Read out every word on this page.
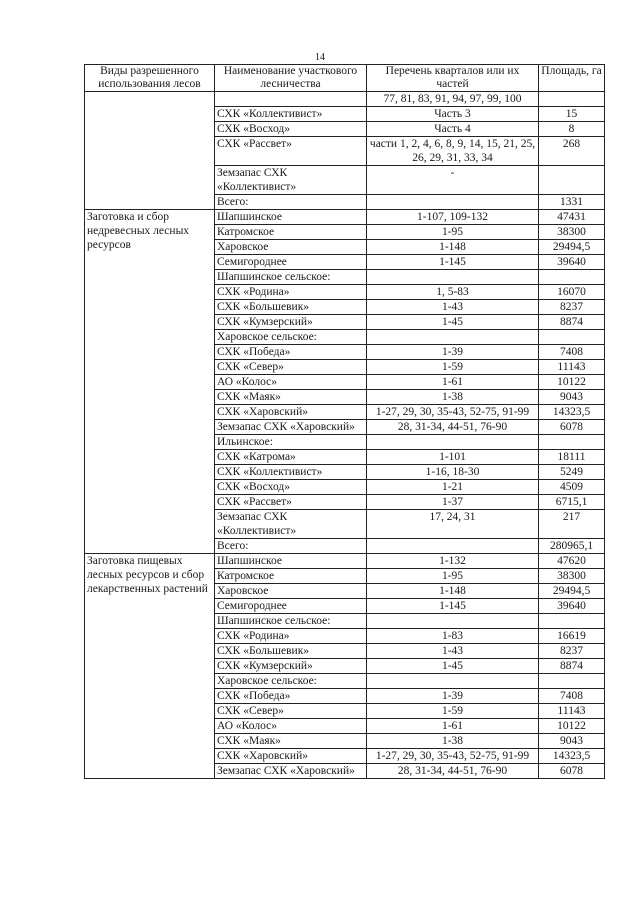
14
Виды разрешенного использования лесов	Наименование участкового лесничества	Перечень кварталов или их частей	Площадь, га
		77, 81, 83, 91, 94, 97, 99, 100	
	СХК «Коллективист»	Часть 3	15
	СХК «Восход»	Часть 4	8
	СХК «Рассвет»	части 1, 2, 4, 6, 8, 9, 14, 15, 21, 25, 26, 29, 31, 33, 34	268
	Земзапас СХК «Коллективист»	-	
	Всего:		1331
Заготовка и сбор недревесных лесных ресурсов	Шапшинское	1-107, 109-132	47431
	Катромское	1-95	38300
	Харовское	1-148	29494,5
	Семигороднее	1-145	39640
	Шапшинское сельское:		
	СХК «Родина»	1, 5-83	16070
	СХК «Большевик»	1-43	8237
	СХК «Кумзерский»	1-45	8874
	Харовское сельское:		
	СХК «Победа»	1-39	7408
	СХК «Север»	1-59	11143
	АО «Колос»	1-61	10122
	СХК «Маяк»	1-38	9043
	СХК «Харовский»	1-27, 29, 30, 35-43, 52-75, 91-99	14323,5
	Земзапас СХК «Харовский»	28, 31-34, 44-51, 76-90	6078
	Ильинское:		
	СХК «Катрома»	1-101	18111
	СХК «Коллективист»	1-16, 18-30	5249
	СХК «Восход»	1-21	4509
	СХК «Рассвет»	1-37	6715,1
	Земзапас СХК «Коллективист»	17, 24, 31	217
	Всего:		280965,1
Заготовка пищевых лесных ресурсов и сбор лекарственных растений	Шапшинское	1-132	47620
	Катромское	1-95	38300
	Харовское	1-148	29494,5
	Семигороднее	1-145	39640
	Шапшинское сельское:		
	СХК «Родина»	1-83	16619
	СХК «Большевик»	1-43	8237
	СХК «Кумзерский»	1-45	8874
	Харовское сельское:		
	СХК «Победа»	1-39	7408
	СХК «Север»	1-59	11143
	АО «Колос»	1-61	10122
	СХК «Маяк»	1-38	9043
	СХК «Харовский»	1-27, 29, 30, 35-43, 52-75, 91-99	14323,5
	Земзапас СХК «Харовский»	28, 31-34, 44-51, 76-90	6078
